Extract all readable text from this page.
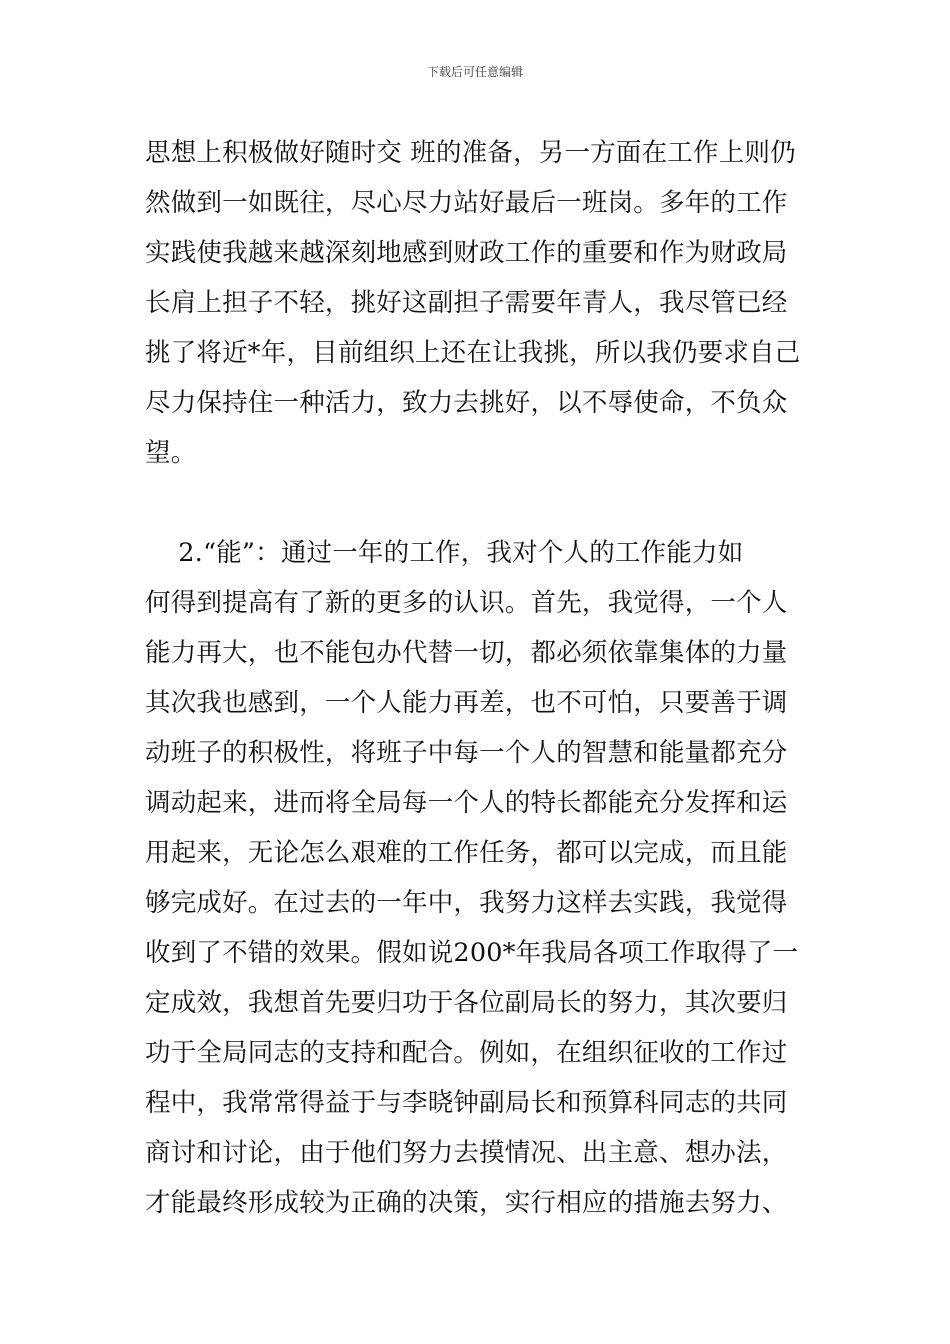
下载后可任意编辑
思想上积极做好随时交 班的准备，另一方面在工作上则仍
然做到一如既往，尽心尽力站好最后一班岗。多年的工作
实践使我越来越深刻地感到财政工作的重要和作为财政局
长肩上担子不轻，挑好这副担子需要年青人，我尽管已经
挑了将近*年，目前组织上还在让我挑，所以我仍要求自己
尽力保持住一种活力，致力去挑好，以不辱使命，不负众
望。
2.“能”：通过一年的工作，我对个人的工作能力如
何得到提高有了新的更多的认识。首先，我觉得，一个人
能力再大，也不能包办代替一切，都必须依靠集体的力量
其次我也感到，一个人能力再差，也不可怕，只要善于调
动班子的积极性，将班子中每一个人的智慧和能量都充分
调动起来，进而将全局每一个人的特长都能充分发挥和运
用起来，无论怎么艰难的工作任务，都可以完成，而且能
够完成好。在过去的一年中，我努力这样去实践，我觉得
收到了不错的效果。假如说200*年我局各项工作取得了一
定成效，我想首先要归功于各位副局长的努力，其次要归
功于全局同志的支持和配合。例如，在组织征收的工作过
程中，我常常得益于与李晓钟副局长和预算科同志的共同
商讨和讨论，由于他们努力去摸情况、出主意、想办法，
才能最终形成较为正确的决策，实行相应的措施去努力、
